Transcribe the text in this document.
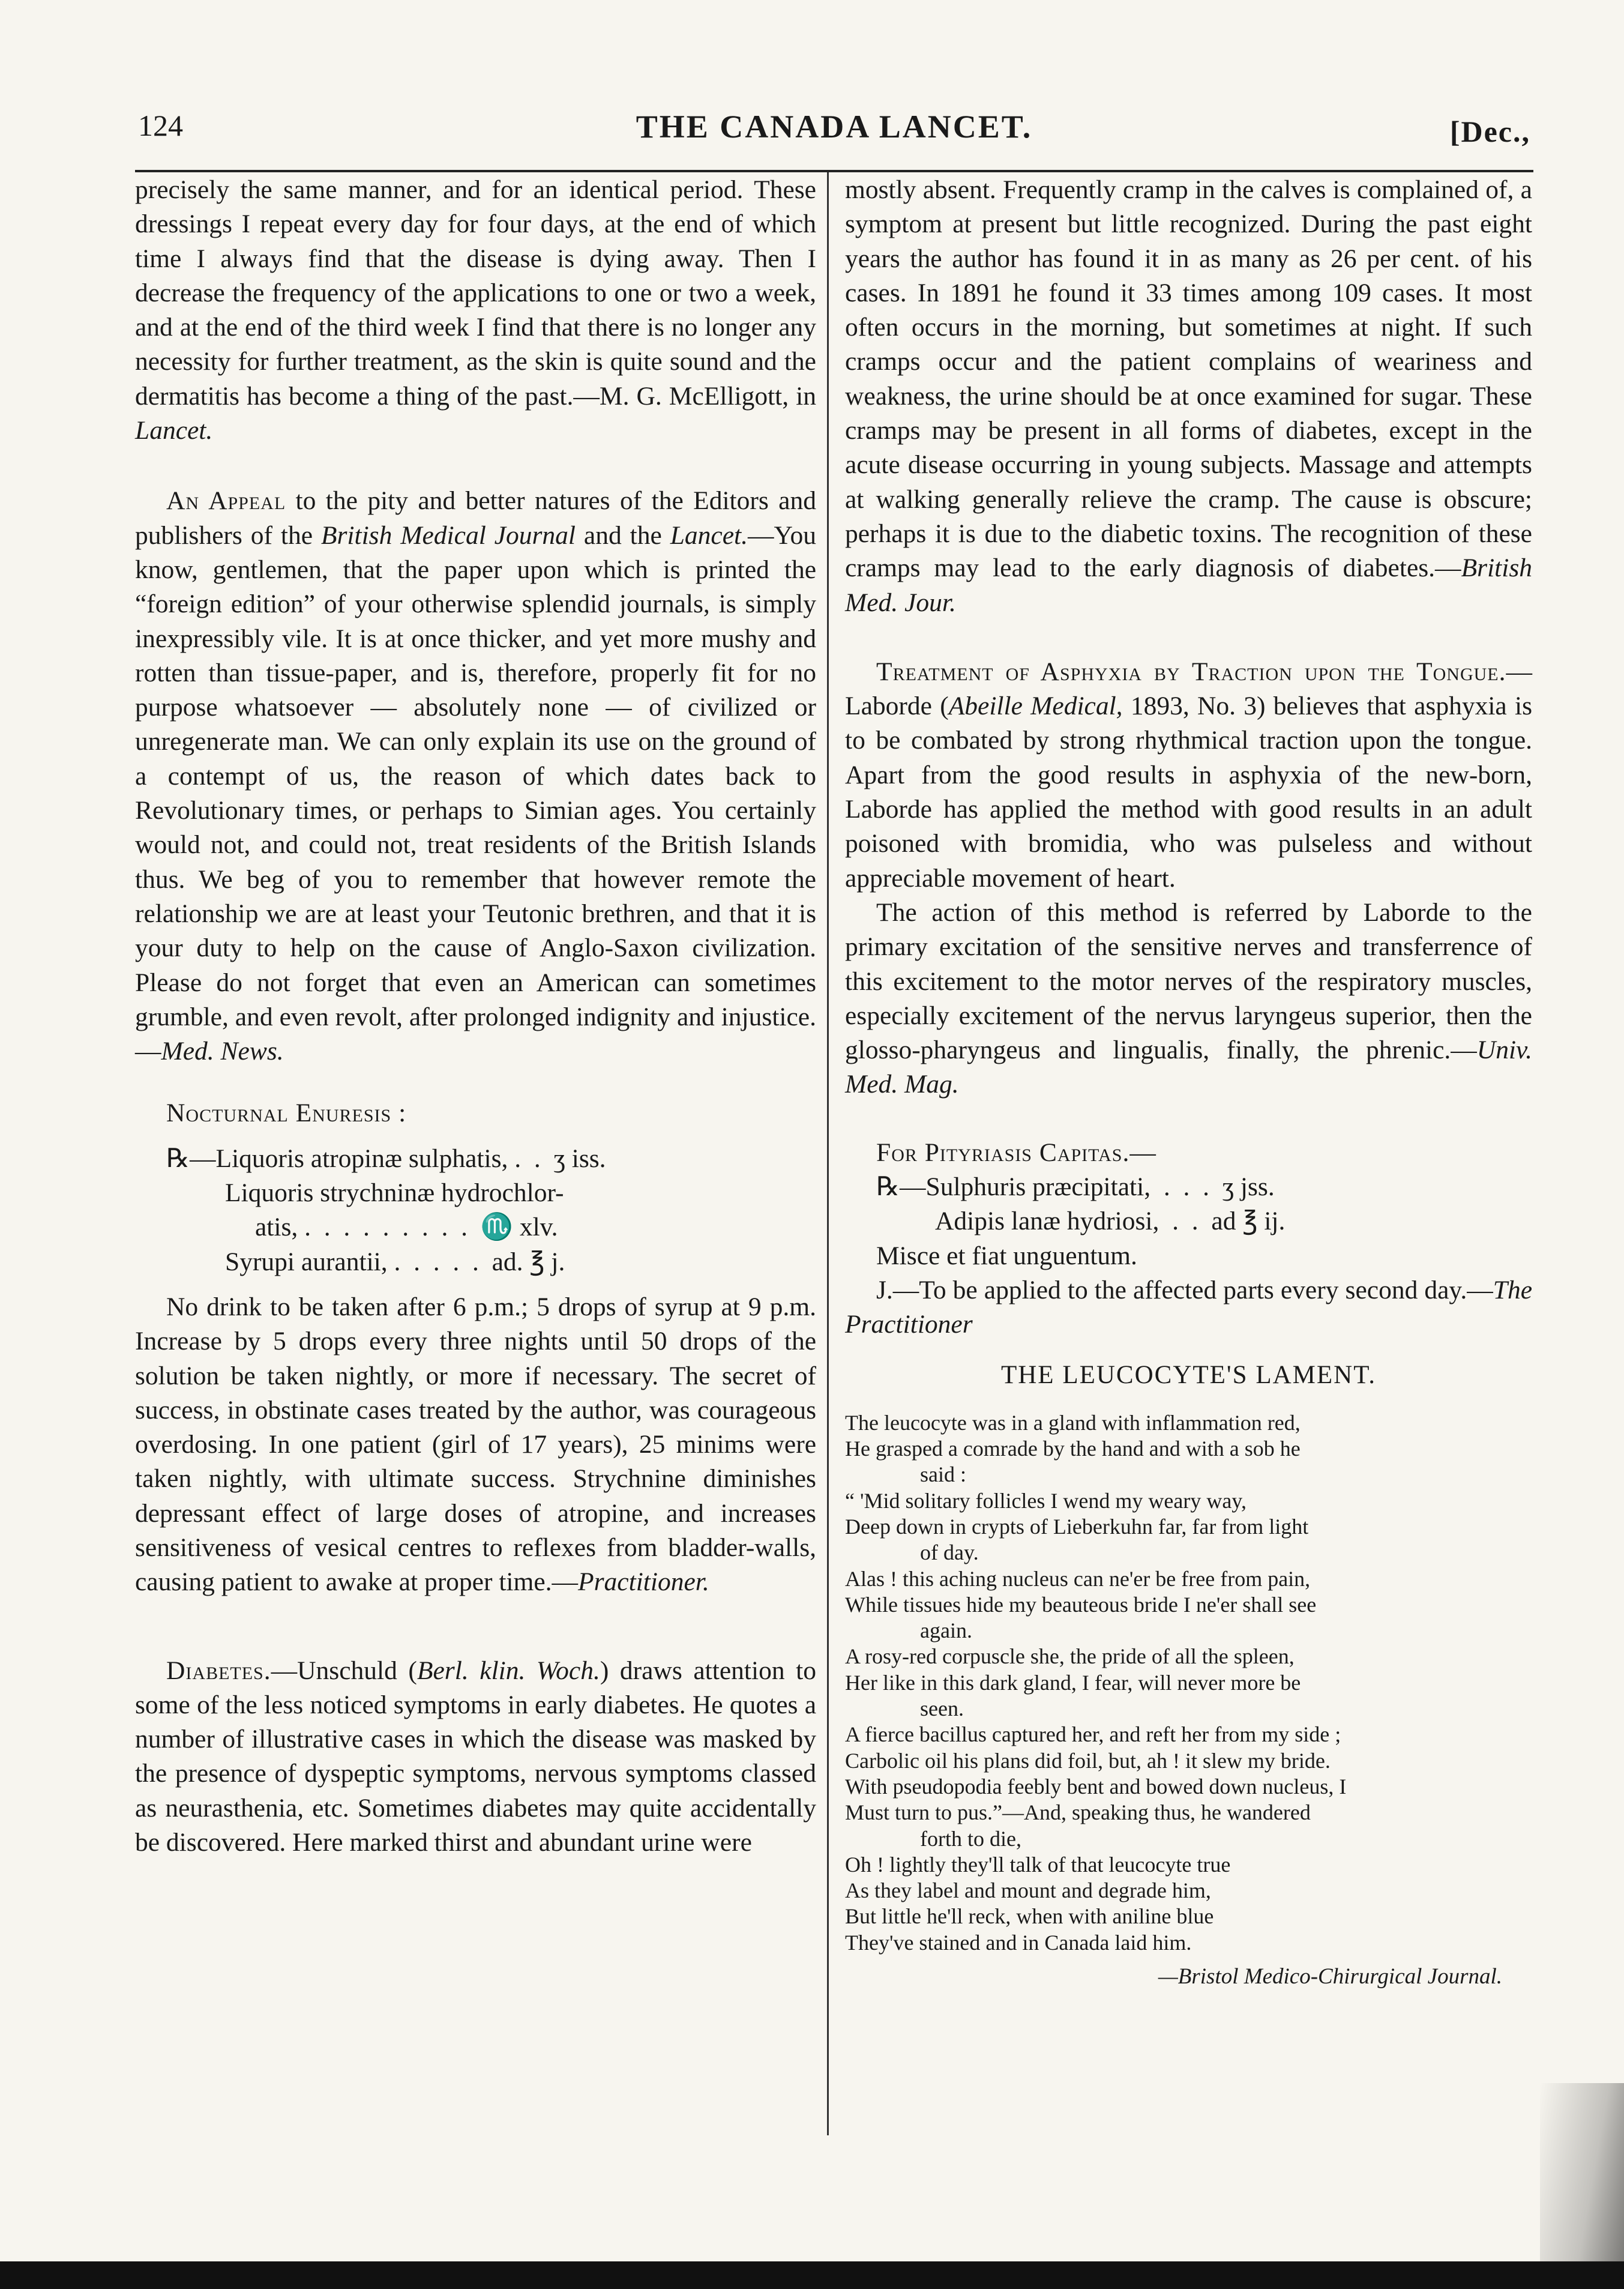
124	THE CANADA LANCET.	[Dec.,

precisely the same manner, and for an identical period. These dressings I repeat every day for four days, at the end of which time I always find that the disease is dying away. Then I decrease the frequency of the applications to one or two a week, and at the end of the third week I find that there is no longer any necessity for further treatment, as the skin is quite sound and the dermatitis has become a thing of the past.—M. G. McElligott, in Lancet.

An Appeal to the pity and better natures of the Editors and publishers of the British Medical Journal and the Lancet.—You know, gentlemen, that the paper upon which is printed the “foreign edition” of your otherwise splendid journals, is simply inexpressibly vile. It is at once thicker, and yet more mushy and rotten than tissue-paper, and is, therefore, properly fit for no purpose whatsoever — absolutely none — of civilized or unregenerate man. We can only explain its use on the ground of a contempt of us, the reason of which dates back to Revolutionary times, or perhaps to Simian ages. You certainly would not, and could not, treat residents of the British Islands thus. We beg of you to remember that however remote the relationship we are at least your Teutonic brethren, and that it is your duty to help on the cause of Anglo-Saxon civilization. Please do not forget that even an American can sometimes grumble, and even revolt, after prolonged indignity and injustice.—Med. News.

Nocturnal Enuresis :

℞—Liquoris atropinæ sulphatis, .  .  ʒ iss.
Liquoris strychninæ hydrochlor-
atis, .  .  .  .  .  .  .  .  .  ♏ xlv.
Syrupi aurantii, .  .  .  .  .  ad. ℥ j.

No drink to be taken after 6 p.m.; 5 drops of syrup at 9 p.m. Increase by 5 drops every three nights until 50 drops of the solution be taken nightly, or more if necessary. The secret of success, in obstinate cases treated by the author, was courageous overdosing. In one patient (girl of 17 years), 25 minims were taken nightly, with ultimate success. Strychnine diminishes depressant effect of large doses of atropine, and increases sensitiveness of vesical centres to reflexes from bladder-walls, causing patient to awake at proper time.—Practitioner.

Diabetes.—Unschuld (Berl. klin. Woch.) draws attention to some of the less noticed symptoms in early diabetes. He quotes a number of illustrative cases in which the disease was masked by the presence of dyspeptic symptoms, nervous symptoms classed as neurasthenia, etc. Sometimes diabetes may quite accidentally be discovered. Here marked thirst and abundant urine were

mostly absent. Frequently cramp in the calves is complained of, a symptom at present but little recognized. During the past eight years the author has found it in as many as 26 per cent. of his cases. In 1891 he found it 33 times among 109 cases. It most often occurs in the morning, but sometimes at night. If such cramps occur and the patient complains of weariness and weakness, the urine should be at once examined for sugar. These cramps may be present in all forms of diabetes, except in the acute disease occurring in young subjects. Massage and attempts at walking generally relieve the cramp. The cause is obscure; perhaps it is due to the diabetic toxins. The recognition of these cramps may lead to the early diagnosis of diabetes.—British Med. Jour.

Treatment of Asphyxia by Traction upon the Tongue.—Laborde (Abeille Medical, 1893, No. 3) believes that asphyxia is to be combated by strong rhythmical traction upon the tongue. Apart from the good results in asphyxia of the new-born, Laborde has applied the method with good results in an adult poisoned with bromidia, who was pulseless and without appreciable movement of heart.

The action of this method is referred by Laborde to the primary excitation of the sensitive nerves and transferrence of this excitement to the motor nerves of the respiratory muscles, especially excitement of the nervus laryngeus superior, then the glosso-pharyngeus and lingualis, finally, the phrenic.—Univ. Med. Mag.

For Pityriasis Capitas.—

℞—Sulphuris præcipitati,  .  .  .  ʒ jss.
Adipis lanæ hydriosi,  .  .  ad ℥ ij.
Misce et fiat unguentum.

J.—To be applied to the affected parts every second day.—The Practitioner

THE LEUCOCYTE'S LAMENT.
The leucocyte was in a gland with inflammation red,
He grasped a comrade by the hand and with a sob he
said :
“ 'Mid solitary follicles I wend my weary way,
Deep down in crypts of Lieberkuhn far, far from light
of day.
Alas ! this aching nucleus can ne'er be free from pain,
While tissues hide my beauteous bride I ne'er shall see
again.
A rosy-red corpuscle she, the pride of all the spleen,
Her like in this dark gland, I fear, will never more be
seen.
A fierce bacillus captured her, and reft her from my side ;
Carbolic oil his plans did foil, but, ah ! it slew my bride.
With pseudopodia feebly bent and bowed down nucleus, I
Must turn to pus.”—And, speaking thus, he wandered
forth to die,
Oh ! lightly they'll talk of that leucocyte true
As they label and mount and degrade him,
But little he'll reck, when with aniline blue
They've stained and in Canada laid him.
—Bristol Medico-Chirurgical Journal.
